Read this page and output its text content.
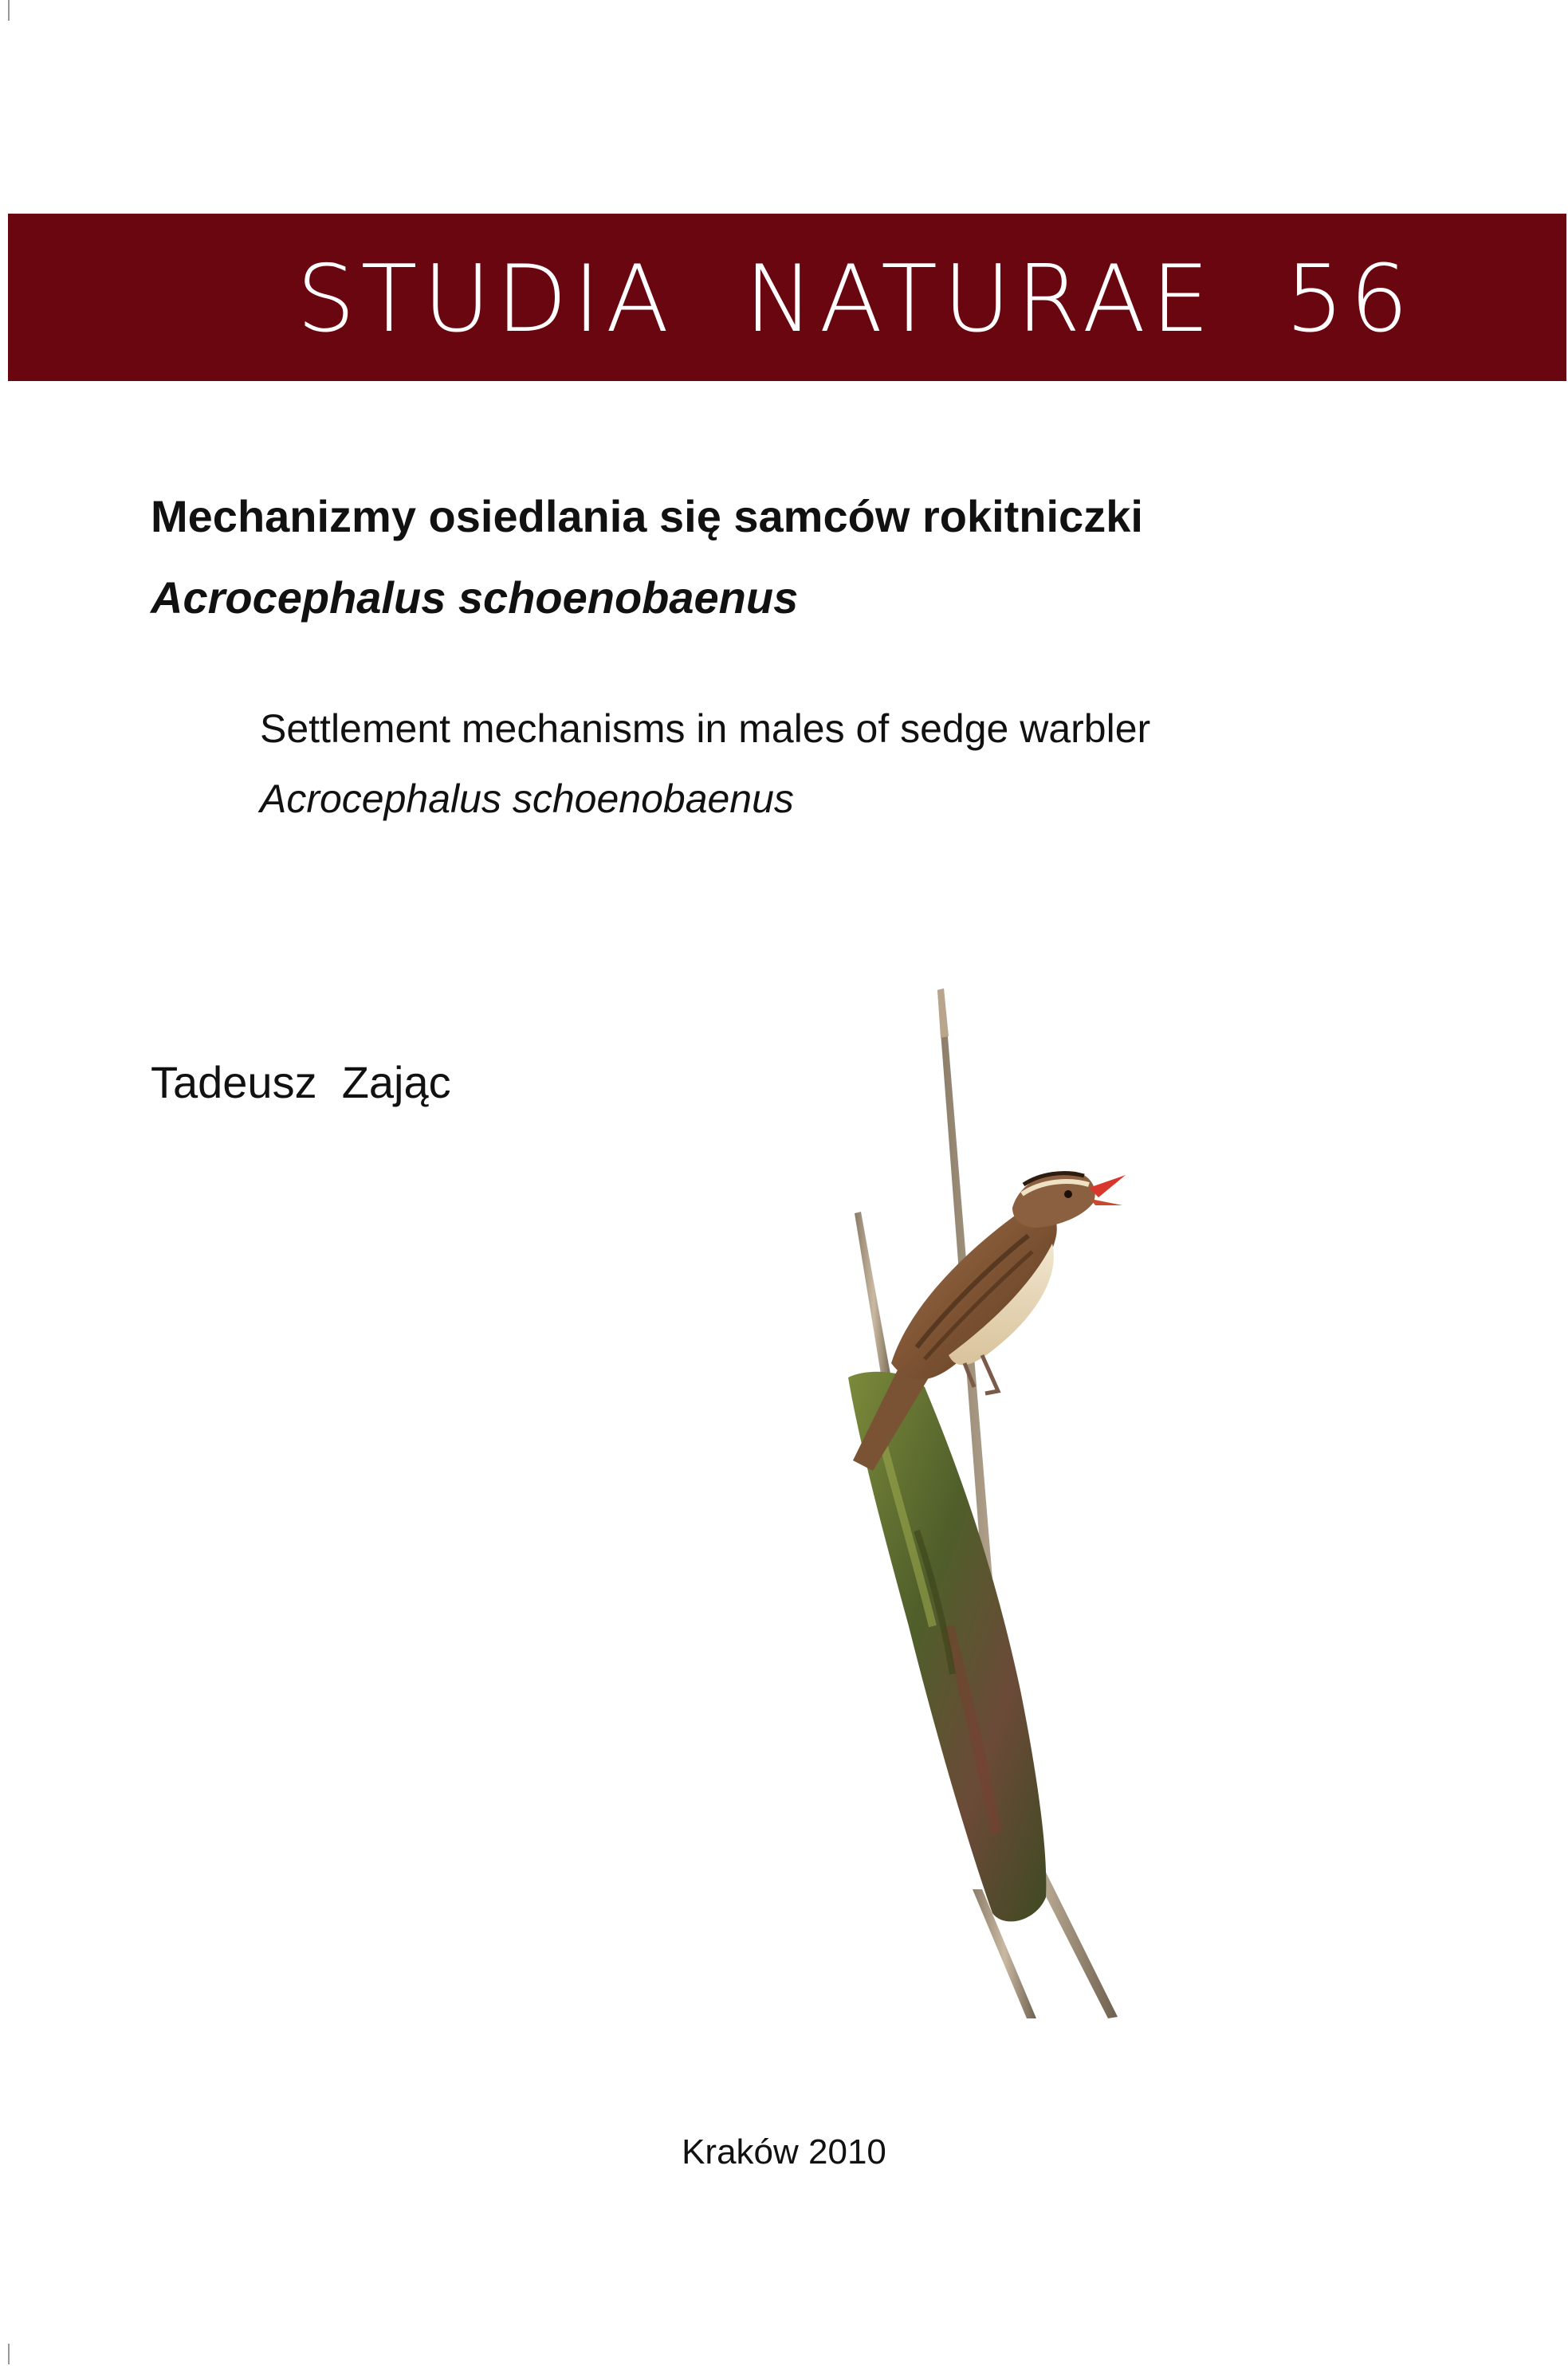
STUDIA  NATURAE  56
Mechanizmy osiedlania się samców rokitniczki
Acrocephalus schoenobaenus
Settlement mechanisms in males of sedge warbler
Acrocephalus schoenobaenus
Tadeusz  Zając
Kraków 2010
